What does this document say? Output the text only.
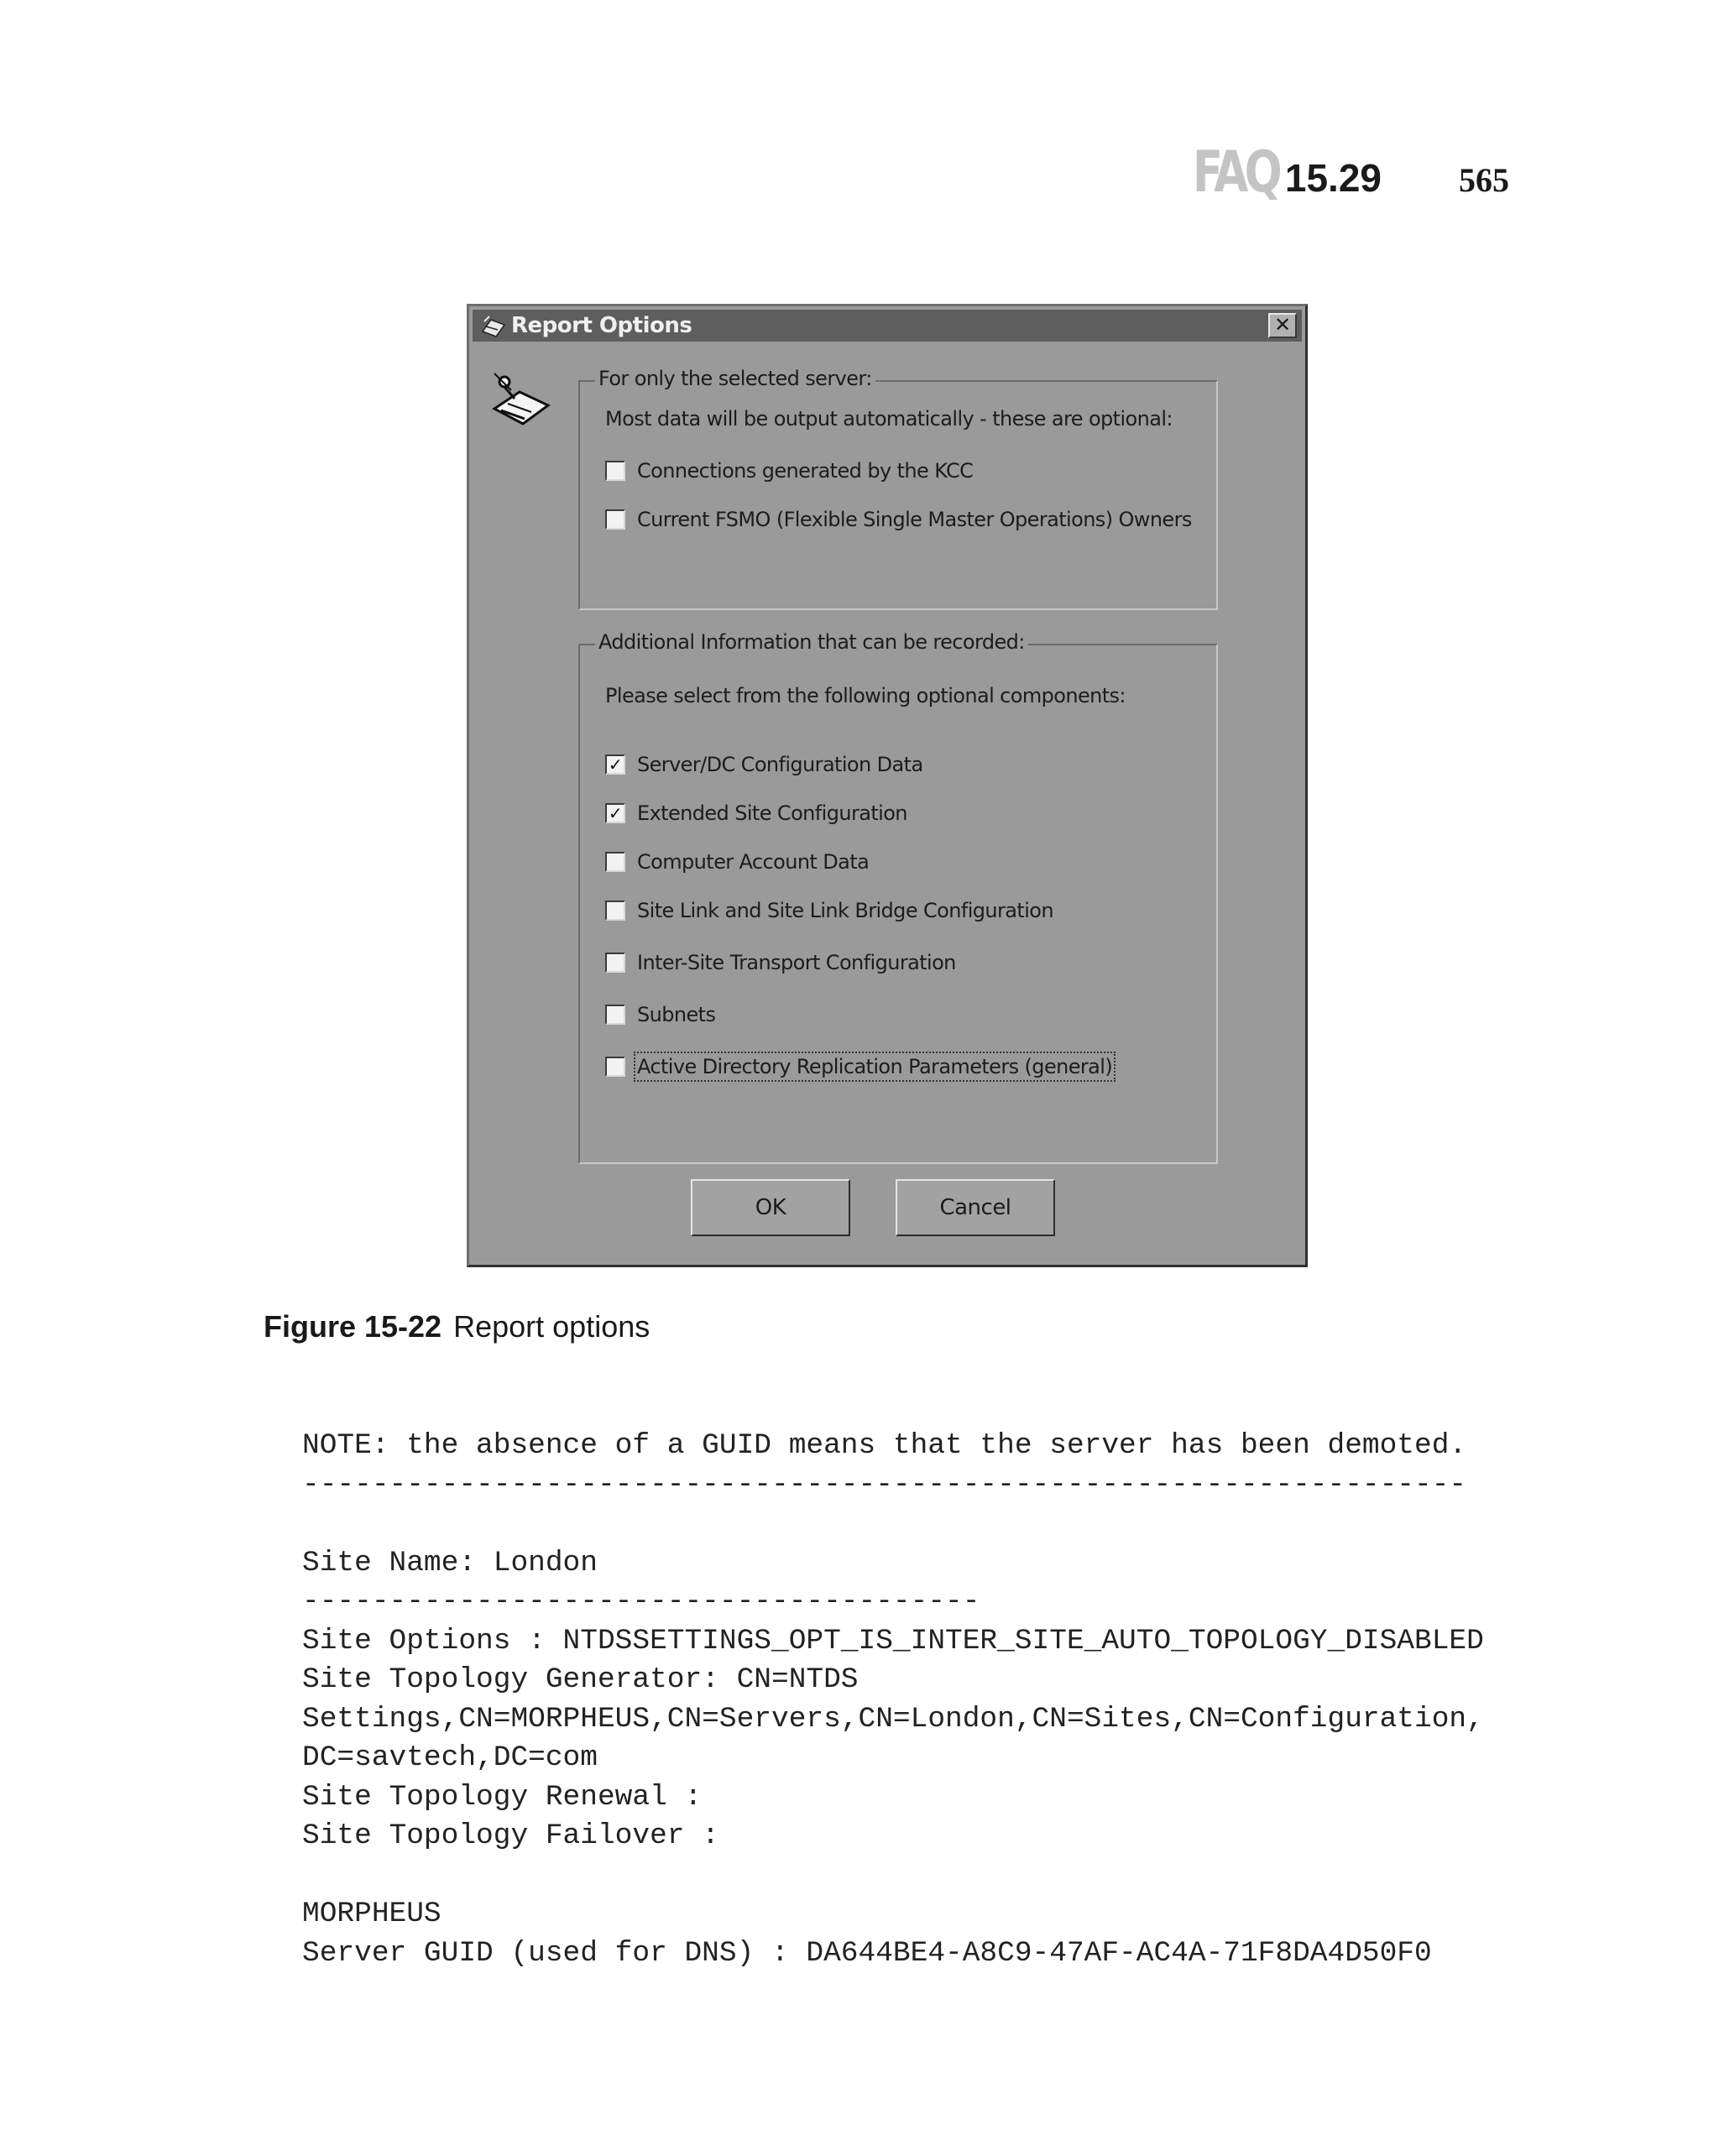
FAQ 15.29 565
Report Options	✕
For only the selected server:
Most data will be output automatically - these are optional:
Connections generated by the KCC
Current FSMO (Flexible Single Master Operations) Owners
Additional Information that can be recorded:
Please select from the following optional components:
✓ Server/DC Configuration Data
✓ Extended Site Configuration
Computer Account Data
Site Link and Site Link Bridge Configuration
Inter-Site Transport Configuration
Subnets
Active Directory Replication Parameters (general)
OK	Cancel
Figure 15-22 Report options
NOTE: the absence of a GUID means that the server has been demoted.
-------------------------------------------------------------------

Site Name: London
---------------------------------------
Site Options : NTDSSETTINGS_OPT_IS_INTER_SITE_AUTO_TOPOLOGY_DISABLED
Site Topology Generator: CN=NTDS
Settings,CN=MORPHEUS,CN=Servers,CN=London,CN=Sites,CN=Configuration,
DC=savtech,DC=com
Site Topology Renewal :
Site Topology Failover :

MORPHEUS
Server GUID (used for DNS) : DA644BE4-A8C9-47AF-AC4A-71F8DA4D50F0
